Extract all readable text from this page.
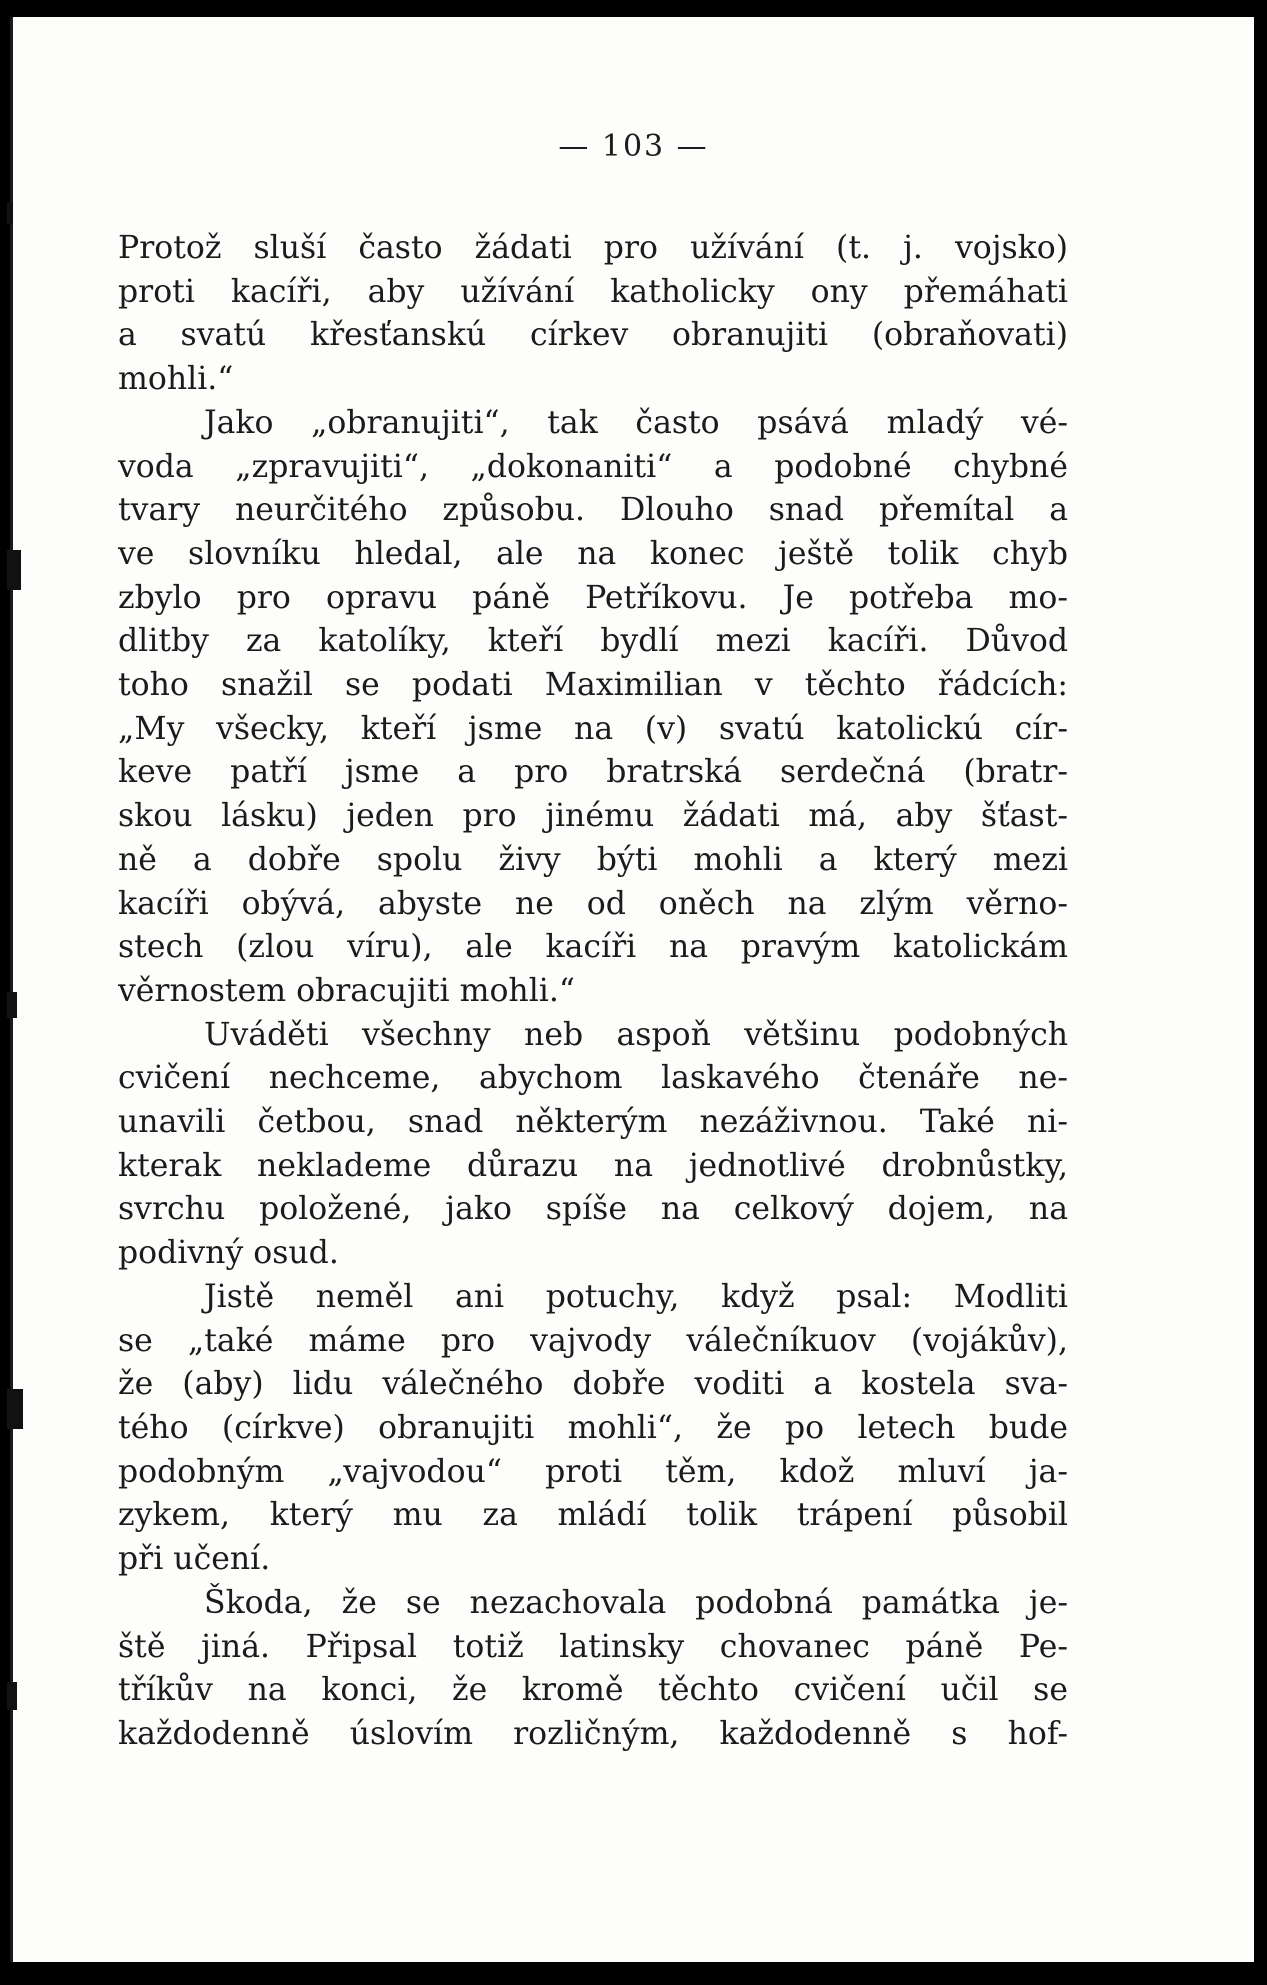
— 103 —
Protož sluší často žádati pro užívání (t. j. vojsko)
proti kacíři, aby užívání katholicky ony přemáhati
a svatú křesťanskú církev obranujiti (obraňovati)
mohli.“
Jako „obranujiti“, tak často psává mladý vé-
voda „zpravujiti“, „dokonaniti“ a podobné chybné
tvary neurčitého způsobu. Dlouho snad přemítal a
ve slovníku hledal, ale na konec ještě tolik chyb
zbylo pro opravu páně Petříkovu. Je potřeba mo-
dlitby za katolíky, kteří bydlí mezi kacíři. Důvod
toho snažil se podati Maximilian v těchto řádcích:
„My všecky, kteří jsme na (v) svatú katolickú cír-
keve patří jsme a pro bratrská serdečná (bratr-
skou lásku) jeden pro jinému žádati má, aby šťast-
ně a dobře spolu živy býti mohli a který mezi
kacíři obývá, abyste ne od oněch na zlým věrno-
stech (zlou víru), ale kacíři na pravým katolickám
věrnostem obracujiti mohli.“
Uváděti všechny neb aspoň většinu podobných
cvičení nechceme, abychom laskavého čtenáře ne-
unavili četbou, snad některým nezáživnou. Také ni-
kterak neklademe důrazu na jednotlivé drobnůstky,
svrchu položené, jako spíše na celkový dojem, na
podivný osud.
Jistě neměl ani potuchy, když psal: Modliti
se „také máme pro vajvody válečníkuov (vojákův),
že (aby) lidu válečného dobře voditi a kostela sva-
tého (církve) obranujiti mohli“, že po letech bude
podobným „vajvodou“ proti těm, kdož mluví ja-
zykem, který mu za mládí tolik trápení působil
při učení.
Škoda, že se nezachovala podobná památka je-
ště jiná. Připsal totiž latinsky chovanec páně Pe-
tříkův na konci, že kromě těchto cvičení učil se
každodenně úslovím rozličným, každodenně s hof-
